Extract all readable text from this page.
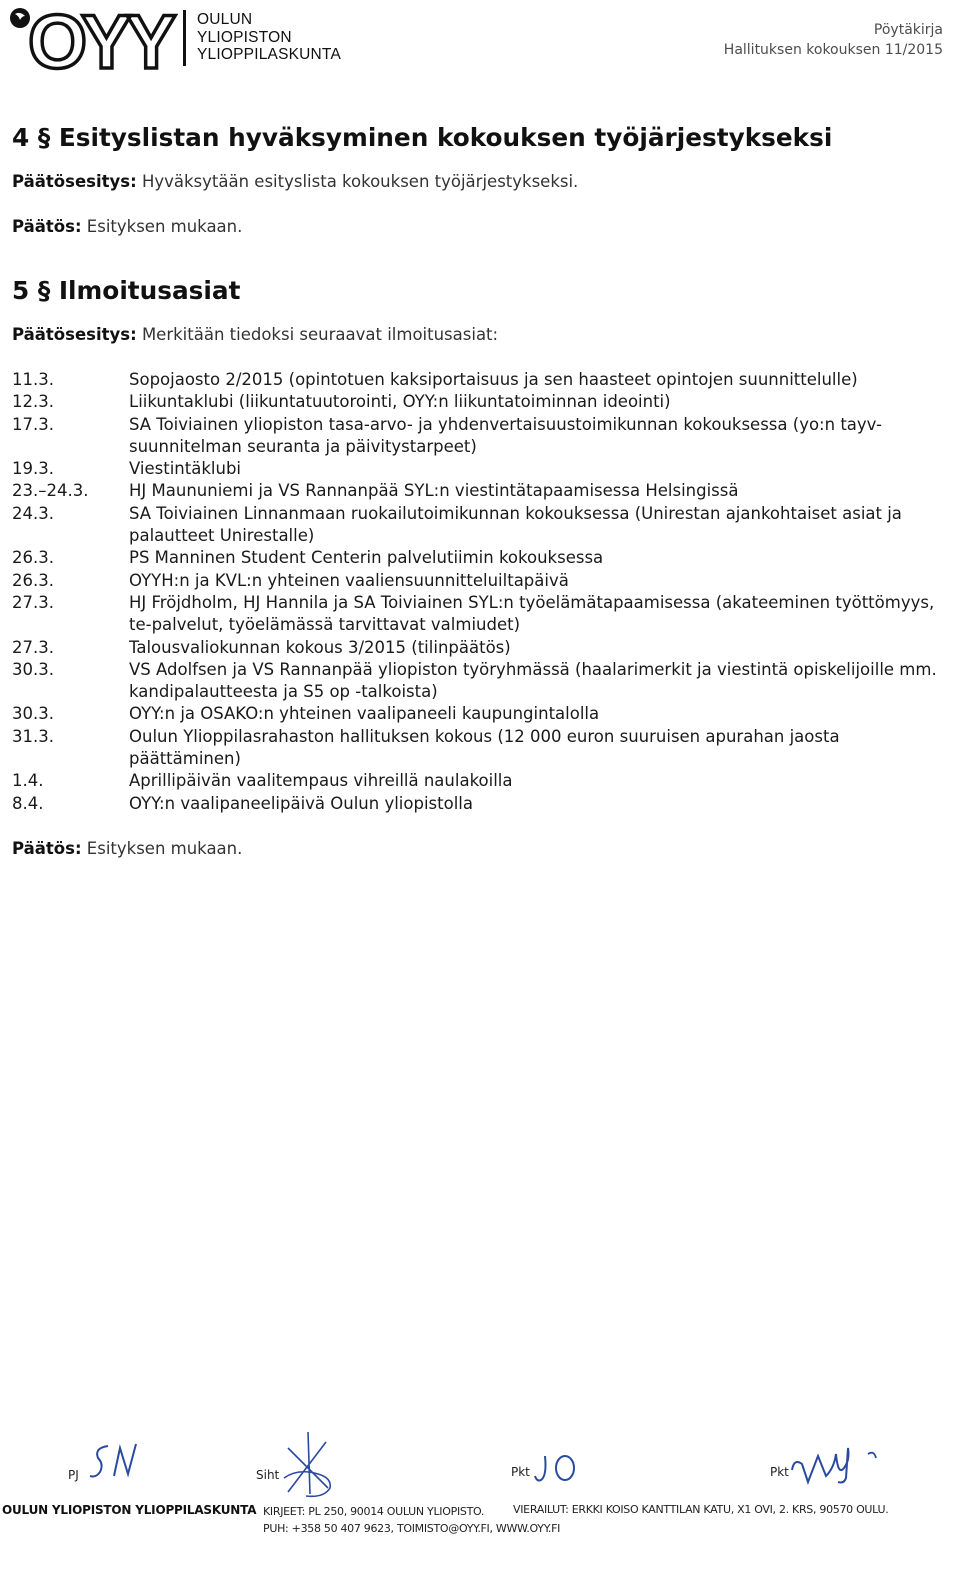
OYY	OULUN
YLIOPISTON
YLIOPPILASKUNTA
Pöytäkirja
Hallituksen kokouksen 11/2015
4 § Esityslistan hyväksyminen kokouksen työjärjestykseksi

Päätösesitys: Hyväksytään esityslista kokouksen työjärjestykseksi.

Päätös: Esityksen mukaan.

5 § Ilmoitusasiat

Päätösesitys: Merkitään tiedoksi seuraavat ilmoitusasiat:

11.3.	Sopojaosto 2/2015 (opintotuen kaksiportaisuus ja sen haasteet opintojen suunnittelulle)
12.3.	Liikuntaklubi (liikuntatuutorointi, OYY:n liikuntatoiminnan ideointi)
17.3.	SA Toiviainen yliopiston tasa-arvo- ja yhdenvertaisuustoimikunnan kokouksessa (yo:n tayv-suunnitelman seuranta ja päivitystarpeet)
19.3.	Viestintäklubi
23.–24.3.	HJ Maununiemi ja VS Rannanpää SYL:n viestintätapaamisessa Helsingissä
24.3.	SA Toiviainen Linnanmaan ruokailutoimikunnan kokouksessa (Unirestan ajankohtaiset asiat ja palautteet Unirestalle)
26.3.	PS Manninen Student Centerin palvelutiimin kokouksessa
26.3.	OYYH:n ja KVL:n yhteinen vaaliensuunnitteluiltapäivä
27.3.	HJ Fröjdholm, HJ Hannila ja SA Toiviainen SYL:n työelämätapaamisessa (akateeminen työttömyys, te-palvelut, työelämässä tarvittavat valmiudet)
27.3.	Talousvaliokunnan kokous 3/2015 (tilinpäätös)
30.3.	VS Adolfsen ja VS Rannanpää yliopiston työryhmässä (haalarimerkit ja viestintä opiskelijoille mm. kandipalautteesta ja S5 op -talkoista)
30.3.	OYY:n ja OSAKO:n yhteinen vaalipaneeli kaupungintalolla
31.3.	Oulun Ylioppilasrahaston hallituksen kokous (12 000 euron suuruisen apurahan jaosta päättäminen)
1.4.	Aprillipäivän vaalitempaus vihreillä naulakoilla
8.4.	OYY:n vaalipaneelipäivä Oulun yliopistolla

Päätös: Esityksen mukaan.

PJ	Siht	Pkt	Pkt
OULUN YLIOPISTON YLIOPPILASKUNTA KIRJEET: PL 250, 90014 OULUN YLIOPISTO.
PUH: +358 50 407 9623, TOIMISTO@OYY.FI, WWW.OYY.FI
VIERAILUT: ERKKI KOISO KANTTILAN KATU, X1 OVI, 2. KRS, 90570 OULU.
